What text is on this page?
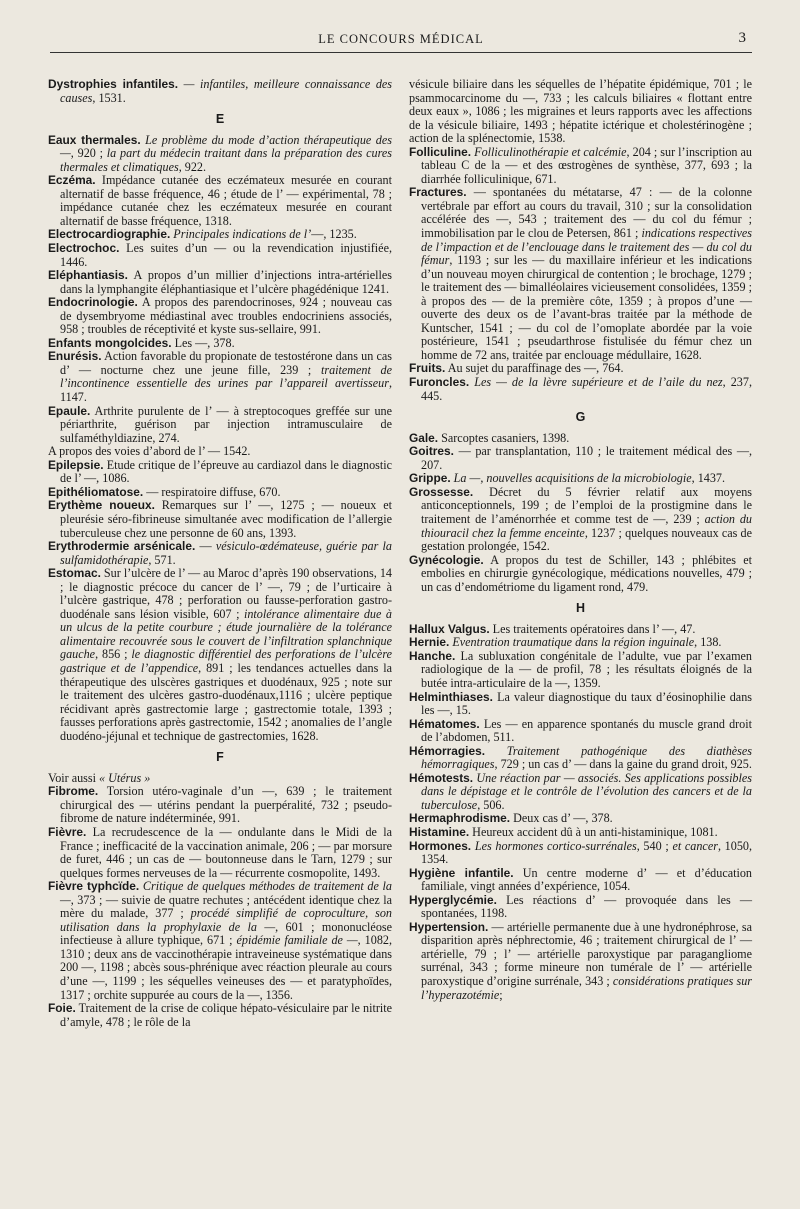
LE CONCOURS MÉDICAL	3

Dystrophies infantiles. — infantiles, meilleure connaissance des causes, 1531.

E

Eaux thermales. Le problème du mode d’action thérapeutique des —, 920 ; la part du médecin traitant dans la préparation des cures thermales et climatiques, 922.

Eczéma. Impédance cutanée des eczémateux mesurée en courant alternatif de basse fréquence, 46 ; étude de l’ — expérimental, 78 ; impédance cutanée chez les eczémateux mesurée en courant alternatif de basse fréquence, 1318.

Electrocardiographie. Principales indications de l’—, 1235.

Electrochoc. Les suites d’un — ou la revendication injustifiée, 1446.

Eléphantiasis. A propos d’un millier d’injections intra-artérielles dans la lymphangite éléphantiasique et l’ulcère phagédénique 1241.

Endocrinologie. A propos des parendocrinoses, 924 ; nouveau cas de dysembryome médiastinal avec troubles endocriniens associés, 958 ; troubles de réceptivité et kyste sus-sellaire, 991.

Enfants mongolcides. Les —, 378.

Enurésis. Action favorable du propionate de testostérone dans un cas d’ — nocturne chez une jeune fille, 239 ; traitement de l’incontinence essentielle des urines par l’appareil avertisseur, 1147.

Epaule. Arthrite purulente de l’ — à streptocoques greffée sur une périarthrite, guérison par injection intramusculaire de sulfaméthyldiazine, 274.

A propos des voies d’abord de l’ — 1542.

Epilepsie. Etude critique de l’épreuve au cardiazol dans le diagnostic de l’ —, 1086.

Epithéliomatose. — respiratoire diffuse, 670.

Erythème noueux. Remarques sur l’ —, 1275 ; — noueux et pleurésie séro-fibrineuse simultanée avec modification de l’allergie tuberculeuse chez une personne de 60 ans, 1393.

Erythrodermie arsénicale. — vésiculo-œdémateuse, guérie par la sulfamidothérapie, 571.

Estomac. Sur l’ulcère de l’ — au Maroc d’après 190 observations, 14 ; le diagnostic précoce du cancer de l’ —, 79 ; de l’urticaire à l’ulcère gastrique, 478 ; perforation ou fausse-perforation gastro-duodénale sans lésion visible, 607 ; intolérance alimentaire due à un ulcus de la petite courbure ; étude journalière de la tolérance alimentaire recouvrée sous le couvert de l’infiltration splanchnique gauche, 856 ; le diagnostic différentiel des perforations de l’ulcère gastrique et de l’appendice, 891 ; les tendances actuelles dans la thérapeutique des ulscères gastriques et duodénaux, 925 ; note sur le traitement des ulcères gastro-duodénaux,1116 ; ulcère peptique récidivant après gastrectomie large ; gastrectomie totale, 1393 ; fausses perforations après gastrectomie, 1542 ; anomalies de l’angle duodéno-jéjunal et technique de gastrectomies, 1628.

F

Voir aussi « Utérus »

Fibrome. Torsion utéro-vaginale d’un —, 639 ; le traitement chirurgical des — utérins pendant la puerpéralité, 732 ; pseudo-fibrome de nature indéterminée, 991.

Fièvre. La recrudescence de la — ondulante dans le Midi de la France ; inefficacité de la vaccination animale, 206 ; — par morsure de furet, 446 ; un cas de — boutonneuse dans le Tarn, 1279 ; sur quelques formes nerveuses de la — récurrente cosmopolite, 1493.

Fièvre typhcïde. Critique de quelques méthodes de traitement de la —, 373 ; — suivie de quatre rechutes ; antécédent identique chez la mère du malade, 377 ; procédé simplifié de coproculture, son utilisation dans la prophylaxie de la —, 601 ; mononucléose infectieuse à allure typhique, 671 ; épidémie familiale de —, 1082, 1310 ; deux ans de vaccinothérapie intraveineuse systématique dans 200 —, 1198 ; abcès sous-phrénique avec réaction pleurale au cours d’une —, 1199 ; les séquelles veineuses des — et paratyphoïdes, 1317 ; orchite suppurée au cours de la —, 1356.

Foie. Traitement de la crise de colique hépato-vésiculaire par le nitrite d’amyle, 478 ; le rôle de la

vésicule biliaire dans les séquelles de l’hépatite épidémique, 701 ; le psammocarcinome du —, 733 ; les calculs biliaires « flottant entre deux eaux », 1086 ; les migraines et leurs rapports avec les affections de la vésicule biliaire, 1493 ; hépatite ictérique et cholestérinogène ; action de la splénectomie, 1538.

Folliculine. Folliculinothérapie et calcémie, 204 ; sur l’inscription au tableau C de la — et des œstrogènes de synthèse, 377, 693 ; la diarrhée folliculinique, 671.

Fractures. — spontanées du métatarse, 47 : — de la colonne vertébrale par effort au cours du travail, 310 ; sur la consolidation accélérée des —, 543 ; traitement des — du col du fémur ; immobilisation par le clou de Petersen, 861 ; indications respectives de l’impaction et de l’enclouage dans le traitement des — du col du fémur, 1193 ; sur les — du maxillaire inférieur et les indications d’un nouveau moyen chirurgical de contention ; le brochage, 1279 ; le traitement des — bimalléolaires vicieusement consolidées, 1359 ; à propos des — de la première côte, 1359 ; à propos d’une — ouverte des deux os de l’avant-bras traitée par la méthode de Kuntscher, 1541 ; — du col de l’omoplate abordée par la voie postérieure, 1541 ; pseudarthrose fistulisée du fémur chez un homme de 72 ans, traitée par enclouage médullaire, 1628.

Fruits. Au sujet du paraffinage des —, 764.

Furoncles. Les — de la lèvre supérieure et de l’aile du nez, 237, 445.

G

Gale. Sarcoptes casaniers, 1398.

Goitres. — par transplantation, 110 ; le traitement médical des —, 207.

Grippe. La —, nouvelles acquisitions de la microbiologie, 1437.

Grossesse. Décret du 5 février relatif aux moyens anticonceptionnels, 199 ; de l’emploi de la prostigmine dans le traitement de l’aménorrhée et comme test de —, 239 ; action du thiouracil chez la femme enceinte, 1237 ; quelques nouveaux cas de gestation prolongée, 1542.

Gynécologie. A propos du test de Schiller, 143 ; phlébites et embolies en chirurgie gynécologique, médications nouvelles, 479 ; un cas d’endométriome du ligament rond, 479.

H

Hallux Valgus. Les traitements opératoires dans l’ —, 47.

Hernie. Eventration traumatique dans la région inguinale, 138.

Hanche. La subluxation congénitale de l’adulte, vue par l’examen radiologique de la — de profil, 78 ; les résultats éloignés de la butée intra-articulaire de la —, 1359.

Helminthiases. La valeur diagnostique du taux d’éosinophilie dans les —, 15.

Hématomes. Les — en apparence spontanés du muscle grand droit de l’abdomen, 511.

Hémorragies. Traitement pathogénique des diathèses hémorragiques, 729 ; un cas d’ — dans la gaine du grand droit, 925.

Hémotests. Une réaction par — associés. Ses applications possibles dans le dépistage et le contrôle de l’évolution des cancers et de la tuberculose, 506.

Hermaphrodisme. Deux cas d’ —, 378.

Histamine. Heureux accident dû à un anti-histaminique, 1081.

Hormones. Les hormones cortico-surrénales, 540 ; et cancer, 1050, 1354.

Hygiène infantile. Un centre moderne d’ — et d’éducation familiale, vingt années d’expérience, 1054.

Hyperglycémie. Les réactions d’ — provoquée dans les — spontanées, 1198.

Hypertension. — artérielle permanente due à une hydronéphrose, sa disparition après néphrectomie, 46 ; traitement chirurgical de l’ — artérielle, 79 ; l’ — artérielle paroxystique par paragangliome surrénal, 343 ; forme mineure non tumérale de l’ — artérielle paroxystique d’origine surrénale, 343 ; considérations pratiques sur l’hyperazotémie;
